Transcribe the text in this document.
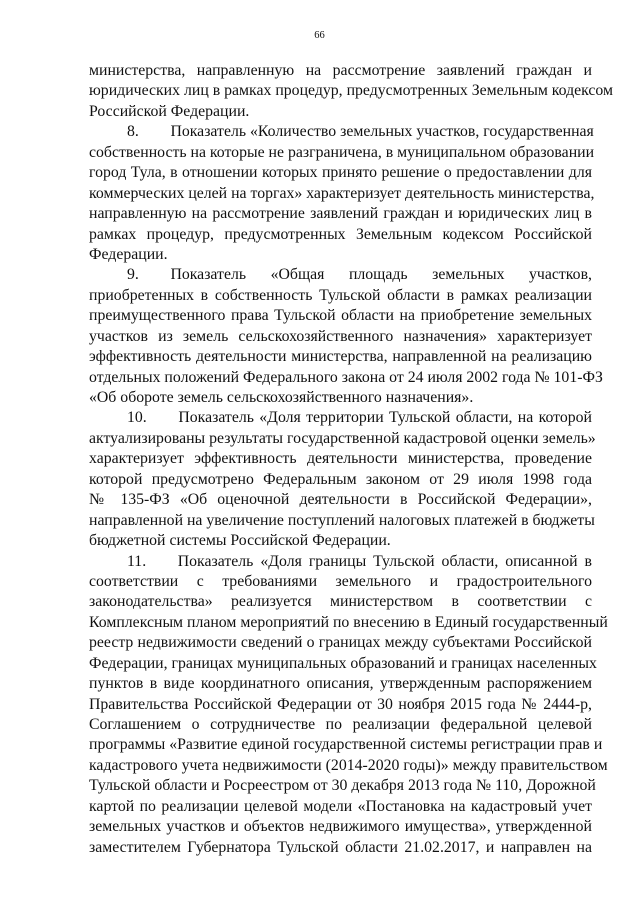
66
министерства, направленную на рассмотрение заявлений граждан и
юридических лиц в рамках процедур, предусмотренных Земельным кодексом
Российской Федерации.
8.  Показатель «Количество земельных участков, государственная
собственность на которые не разграничена, в муниципальном образовании
город Тула, в отношении которых принято решение о предоставлении для
коммерческих целей на торгах» характеризует деятельность министерства,
направленную на рассмотрение заявлений граждан и юридических лиц в
рамках процедур, предусмотренных Земельным кодексом Российской
Федерации.
9.  Показатель «Общая площадь земельных участков,
приобретенных в собственность Тульской области в рамках реализации
преимущественного права Тульской области на приобретение земельных
участков из земель сельскохозяйственного назначения» характеризует
эффективность деятельности министерства, направленной на реализацию
отдельных положений Федерального закона от 24 июля 2002 года № 101-ФЗ
«Об обороте земель сельскохозяйственного назначения».
10.  Показатель «Доля территории Тульской области, на которой
актуализированы результаты государственной кадастровой оценки земель»
характеризует эффективность деятельности министерства, проведение
которой предусмотрено Федеральным законом от 29 июля 1998 года
№ 135-ФЗ «Об оценочной деятельности в Российской Федерации»,
направленной на увеличение поступлений налоговых платежей в бюджеты
бюджетной системы Российской Федерации.
11.  Показатель «Доля границы Тульской области, описанной в
соответствии с требованиями земельного и градостроительного
законодательства» реализуется министерством в соответствии с
Комплексным планом мероприятий по внесению в Единый государственный
реестр недвижимости сведений о границах между субъектами Российской
Федерации, границах муниципальных образований и границах населенных
пунктов в виде координатного описания, утвержденным распоряжением
Правительства Российской Федерации от 30 ноября 2015 года № 2444-р,
Соглашением о сотрудничестве по реализации федеральной целевой
программы «Развитие единой государственной системы регистрации прав и
кадастрового учета недвижимости (2014-2020 годы)» между правительством
Тульской области и Росреестром от 30 декабря 2013 года № 110, Дорожной
картой по реализации целевой модели «Постановка на кадастровый учет
земельных участков и объектов недвижимого имущества», утвержденной
заместителем Губернатора Тульской области 21.02.2017, и направлен на
